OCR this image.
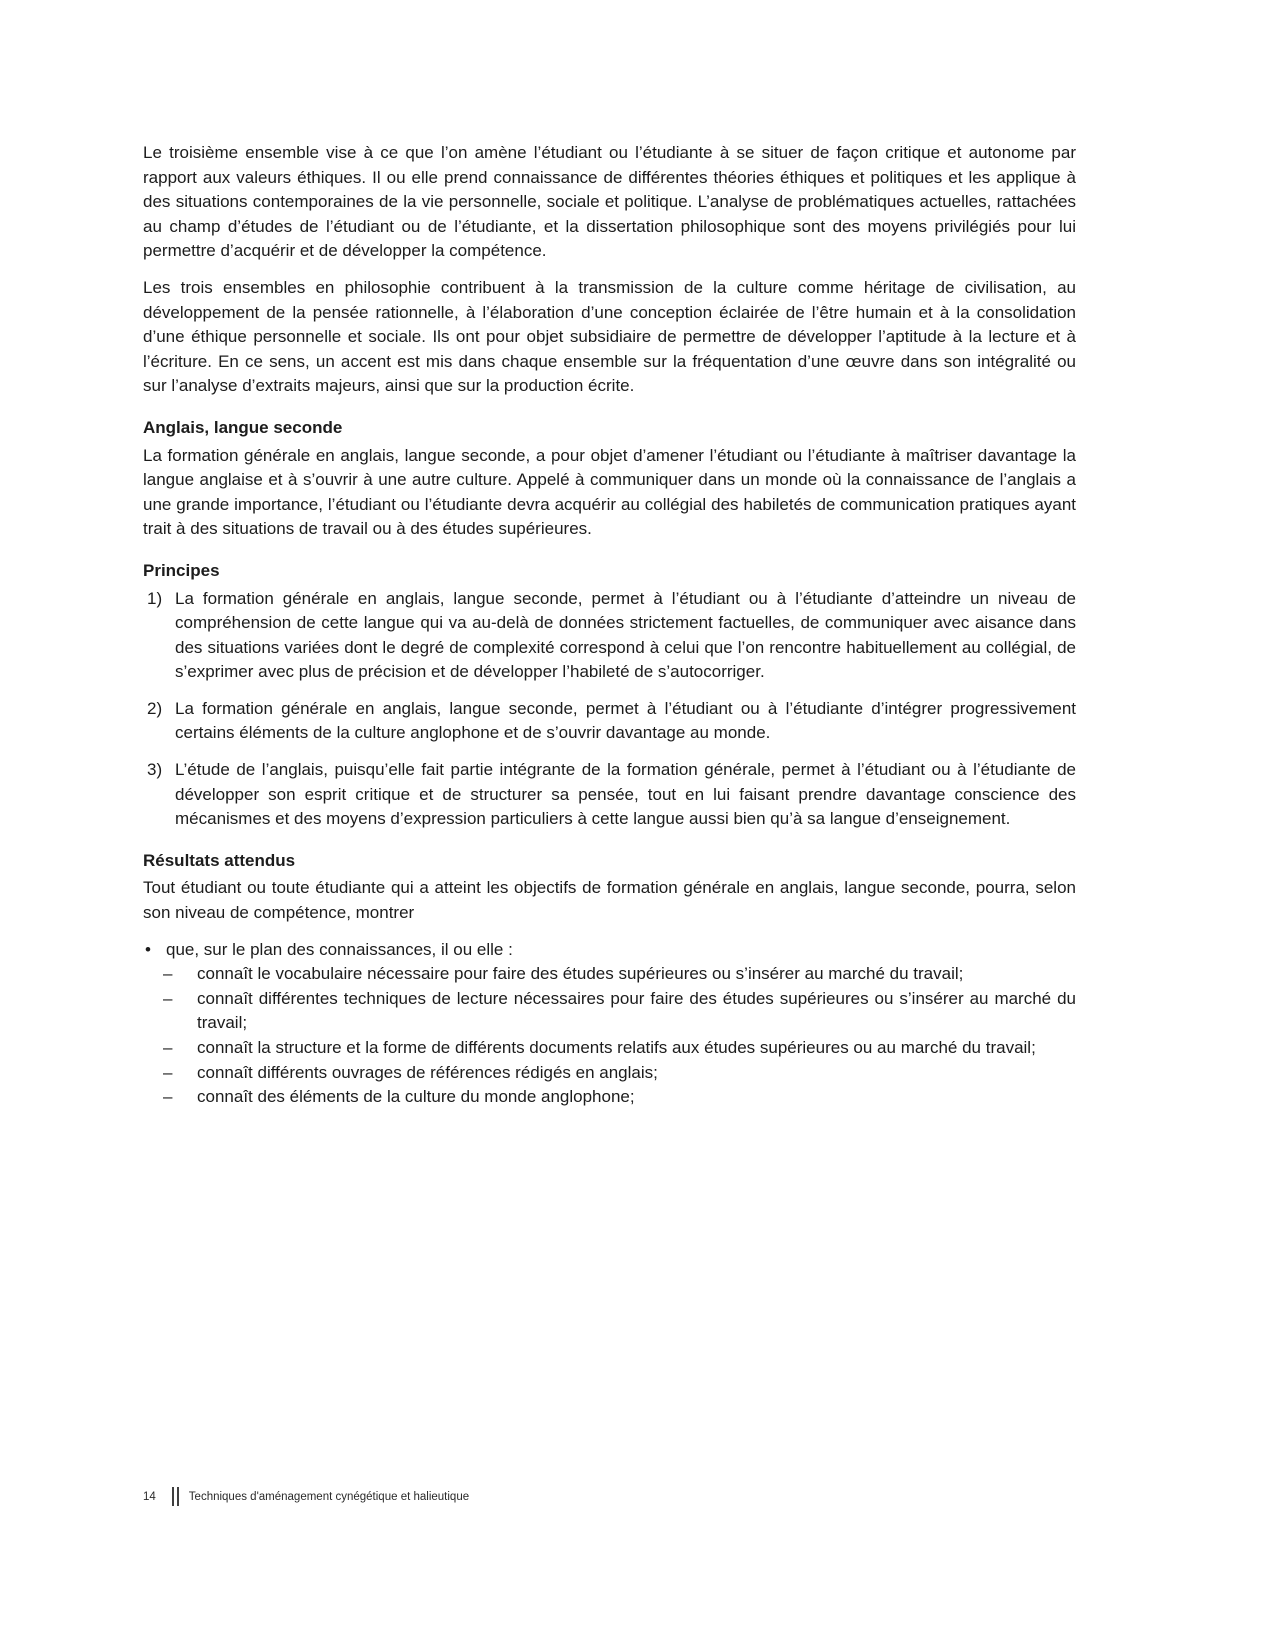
Le troisième ensemble vise à ce que l’on amène l’étudiant ou l’étudiante à se situer de façon critique et autonome par rapport aux valeurs éthiques. Il ou elle prend connaissance de différentes théories éthiques et politiques et les applique à des situations contemporaines de la vie personnelle, sociale et politique. L’analyse de problématiques actuelles, rattachées au champ d’études de l’étudiant ou de l’étudiante, et la dissertation philosophique sont des moyens privilégiés pour lui permettre d’acquérir et de développer la compétence.

Les trois ensembles en philosophie contribuent à la transmission de la culture comme héritage de civilisation, au développement de la pensée rationnelle, à l’élaboration d’une conception éclairée de l’être humain et à la consolidation d’une éthique personnelle et sociale. Ils ont pour objet subsidiaire de permettre de développer l’aptitude à la lecture et à l’écriture. En ce sens, un accent est mis dans chaque ensemble sur la fréquentation d’une œuvre dans son intégralité ou sur l’analyse d’extraits majeurs, ainsi que sur la production écrite.

Anglais, langue seconde

La formation générale en anglais, langue seconde, a pour objet d’amener l’étudiant ou l’étudiante à maîtriser davantage la langue anglaise et à s’ouvrir à une autre culture. Appelé à communiquer dans un monde où la connaissance de l’anglais a une grande importance, l’étudiant ou l’étudiante devra acquérir au collégial des habiletés de communication pratiques ayant trait à des situations de travail ou à des études supérieures.

Principes
1) La formation générale en anglais, langue seconde, permet à l’étudiant ou à l’étudiante d’atteindre un niveau de compréhension de cette langue qui va au-delà de données strictement factuelles, de communiquer avec aisance dans des situations variées dont le degré de complexité correspond à celui que l’on rencontre habituellement au collégial, de s’exprimer avec plus de précision et de développer l’habileté de s’autocorriger.
2) La formation générale en anglais, langue seconde, permet à l’étudiant ou à l’étudiante d’intégrer progressivement certains éléments de la culture anglophone et de s’ouvrir davantage au monde.
3) L’étude de l’anglais, puisqu’elle fait partie intégrante de la formation générale, permet à l’étudiant ou à l’étudiante de développer son esprit critique et de structurer sa pensée, tout en lui faisant prendre davantage conscience des mécanismes et des moyens d’expression particuliers à cette langue aussi bien qu’à sa langue d’enseignement.
Résultats attendus

Tout étudiant ou toute étudiante qui a atteint les objectifs de formation générale en anglais, langue seconde, pourra, selon son niveau de compétence, montrer

• que, sur le plan des connaissances, il ou elle :
– connaît le vocabulaire nécessaire pour faire des études supérieures ou s’insérer au marché du travail;
– connaît différentes techniques de lecture nécessaires pour faire des études supérieures ou s’insérer au marché du travail;
– connaît la structure et la forme de différents documents relatifs aux études supérieures ou au marché du travail;
– connaît différents ouvrages de références rédigés en anglais;
– connaît des éléments de la culture du monde anglophone;
14	Techniques d'aménagement cynégétique et halieutique
